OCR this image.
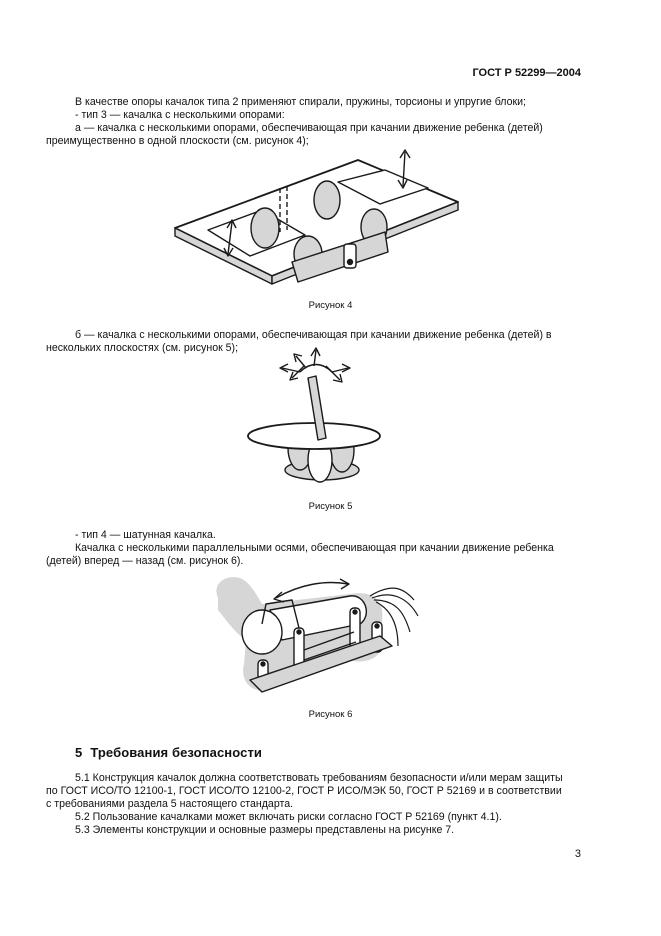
ГОСТ Р 52299—2004
В качестве опоры качалок типа 2 применяют спирали, пружины, торсионы и упругие блоки;
- тип 3 — качалка с несколькими опорами:
а — качалка с несколькими опорами, обеспечивающая при качании движение ребенка (детей)
преимущественно в одной плоскости (см. рисунок 4);
Рисунок 4
б — качалка с несколькими опорами, обеспечивающая при качании движение ребенка (детей) в
нескольких плоскостях (см. рисунок 5);
Рисунок 5
- тип 4 — шатунная качалка.
Качалка с несколькими параллельными осями, обеспечивающая при качании движение ребенка
(детей) вперед — назад (см. рисунок 6).
Рисунок 6
5 Требования безопасности
5.1 Конструкция качалок должна соответствовать требованиям безопасности и/или мерам защиты
по ГОСТ ИСО/ТО 12100-1, ГОСТ ИСО/ТО 12100-2, ГОСТ Р ИСО/МЭК 50, ГОСТ Р 52169 и в соответствии
с требованиями раздела 5 настоящего стандарта.
5.2 Пользование качалками может включать риски согласно ГОСТ Р 52169 (пункт 4.1).
5.3 Элементы конструкции и основные размеры представлены на рисунке 7.
3
